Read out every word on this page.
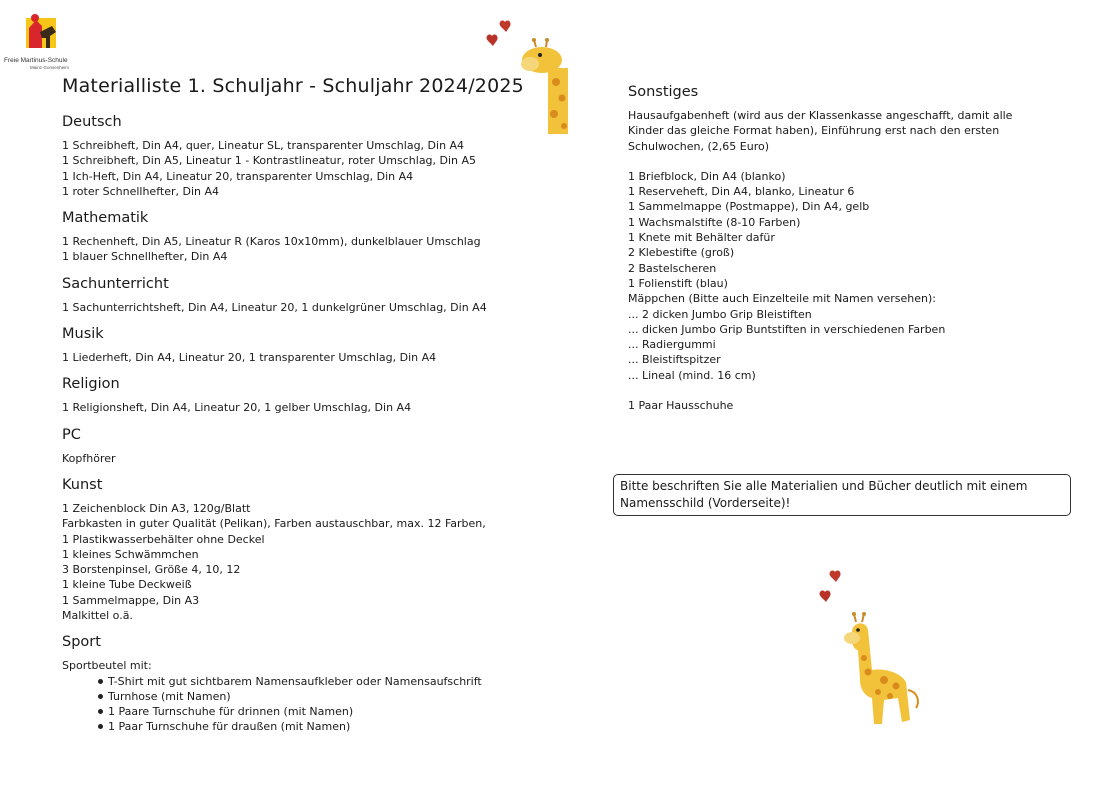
Freie Martinus-Schule
Mainz-Gonsenheim
Materialliste 1. Schuljahr - Schuljahr 2024/2025
Deutsch
1 Schreibheft, Din A4, quer, Lineatur SL, transparenter Umschlag, Din A4
1 Schreibheft, Din A5, Lineatur 1 - Kontrastlineatur, roter Umschlag, Din A5
1 Ich-Heft, Din A4, Lineatur 20, transparenter Umschlag, Din A4
1 roter Schnellhefter, Din A4
Mathematik
1 Rechenheft, Din A5, Lineatur R (Karos 10x10mm), dunkelblauer Umschlag
1 blauer Schnellhefter, Din A4
Sachunterricht
1 Sachunterrichtsheft, Din A4, Lineatur 20, 1 dunkelgrüner Umschlag, Din A4
Musik
1 Liederheft, Din A4, Lineatur 20, 1 transparenter Umschlag, Din A4
Religion
1 Religionsheft, Din A4, Lineatur 20, 1 gelber Umschlag, Din A4
PC
Kopfhörer
Kunst
1 Zeichenblock Din A3, 120g/Blatt
Farbkasten in guter Qualität (Pelikan), Farben austauschbar, max. 12 Farben,
1 Plastikwasserbehälter ohne Deckel
1 kleines Schwämmchen
3 Borstenpinsel, Größe 4, 10, 12
1 kleine Tube Deckweiß
1 Sammelmappe, Din A3
Malkittel o.ä.
Sport
Sportbeutel mit:
T-Shirt mit gut sichtbarem Namensaufkleber oder Namensaufschrift
Turnhose (mit Namen)
1 Paare Turnschuhe für drinnen (mit Namen)
1 Paar Turnschuhe für draußen (mit Namen)
Sonstiges
Hausaufgabenheft (wird aus der Klassenkasse angeschafft, damit alle Kinder das gleiche Format haben), Einführung erst nach den ersten Schulwochen, (2,65 Euro)
1 Briefblock, Din A4 (blanko)
1 Reserveheft, Din A4, blanko, Lineatur 6
1 Sammelmappe (Postmappe), Din A4, gelb
1 Wachsmalstifte (8-10 Farben)
1 Knete mit Behälter dafür
2 Klebestifte (groß)
2 Bastelscheren
1 Folienstift (blau)
Mäppchen (Bitte auch Einzelteile mit Namen versehen):
... 2 dicken Jumbo Grip Bleistiften
... dicken Jumbo Grip Buntstiften in verschiedenen Farben
... Radiergummi
... Bleistiftspitzer
... Lineal (mind. 16 cm)
1 Paar Hausschuhe
Bitte beschriften Sie alle Materialien und Bücher deutlich mit einem Namensschild (Vorderseite)!
